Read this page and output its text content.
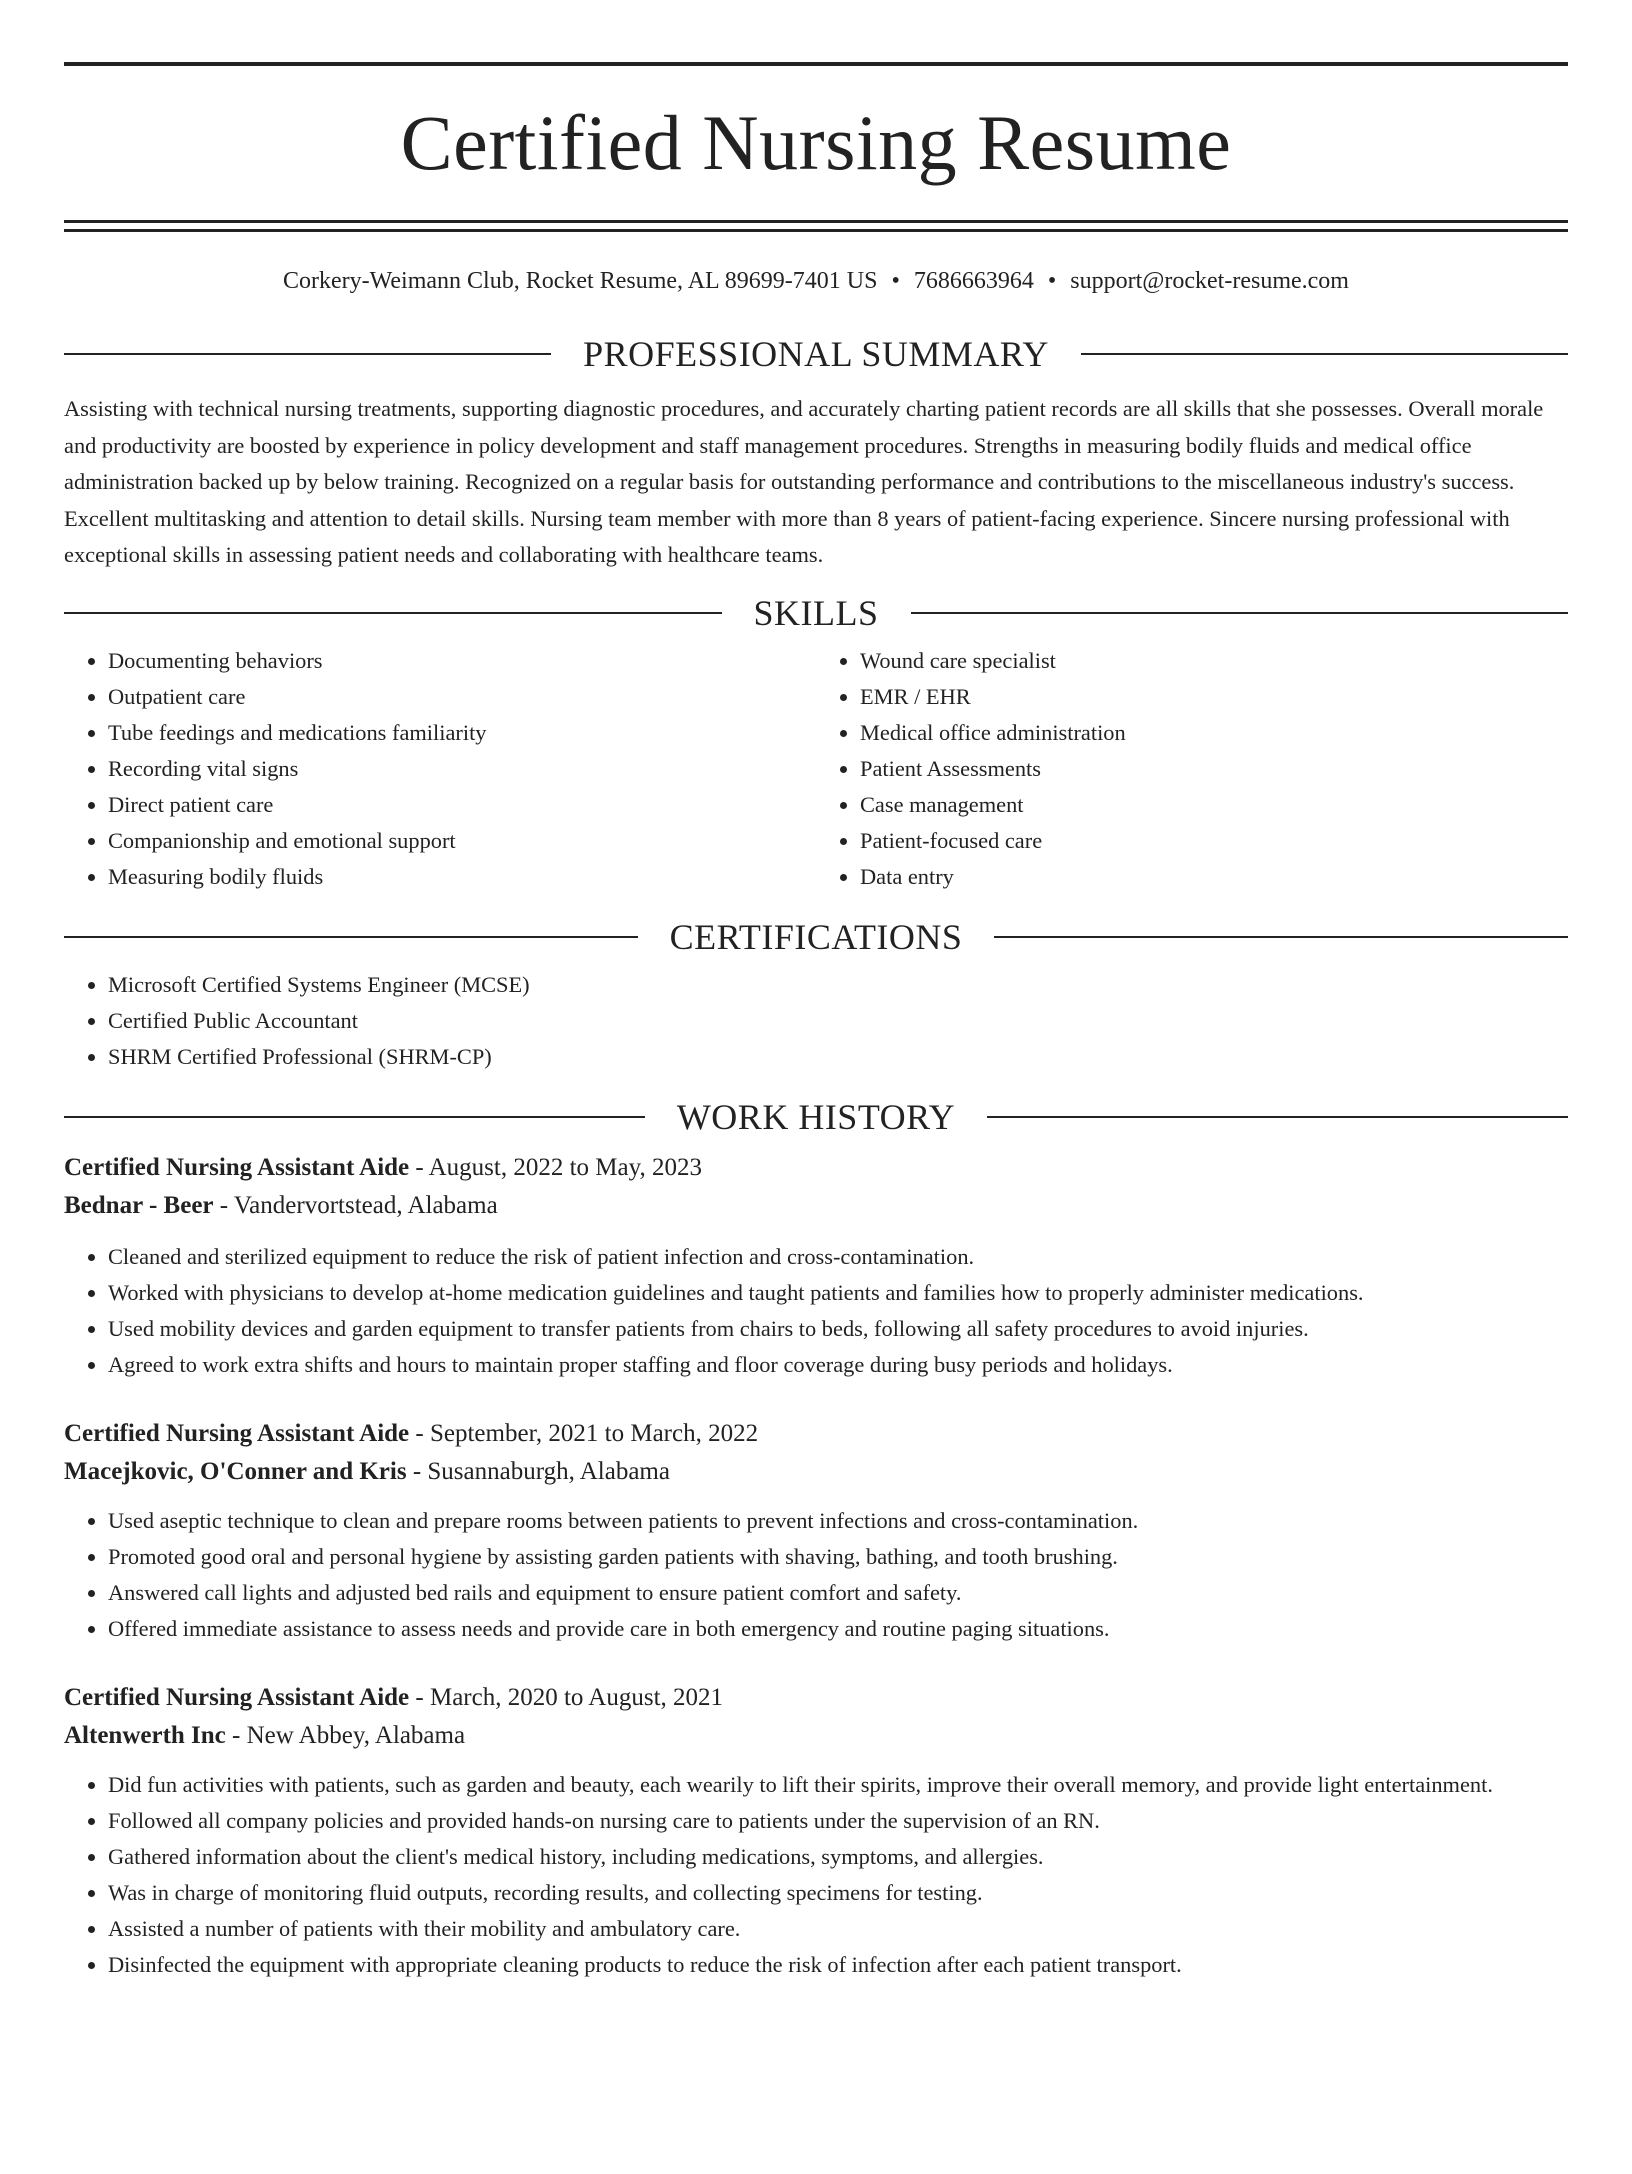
Certified Nursing Resume
Corkery-Weimann Club, Rocket Resume, AL 89699-7401 US • 7686663964 • support@rocket-resume.com
PROFESSIONAL SUMMARY

Assisting with technical nursing treatments, supporting diagnostic procedures, and accurately charting patient records are all skills that she possesses. Overall morale and productivity are boosted by experience in policy development and staff management procedures. Strengths in measuring bodily fluids and medical office administration backed up by below training. Recognized on a regular basis for outstanding performance and contributions to the miscellaneous industry's success. Excellent multitasking and attention to detail skills. Nursing team member with more than 8 years of patient-facing experience. Sincere nursing professional with exceptional skills in assessing patient needs and collaborating with healthcare teams.

SKILLS
• Documenting behaviors
• Outpatient care
• Tube feedings and medications familiarity
• Recording vital signs
• Direct patient care
• Companionship and emotional support
• Measuring bodily fluids
• Wound care specialist
• EMR / EHR
• Medical office administration
• Patient Assessments
• Case management
• Patient-focused care
• Data entry
CERTIFICATIONS
• Microsoft Certified Systems Engineer (MCSE)
• Certified Public Accountant
• SHRM Certified Professional (SHRM-CP)
WORK HISTORY
Certified Nursing Assistant Aide - August, 2022 to May, 2023
Bednar - Beer - Vandervortstead, Alabama
• Cleaned and sterilized equipment to reduce the risk of patient infection and cross-contamination.
• Worked with physicians to develop at-home medication guidelines and taught patients and families how to properly administer medications.
• Used mobility devices and garden equipment to transfer patients from chairs to beds, following all safety procedures to avoid injuries.
• Agreed to work extra shifts and hours to maintain proper staffing and floor coverage during busy periods and holidays.
Certified Nursing Assistant Aide - September, 2021 to March, 2022
Macejkovic, O'Conner and Kris - Susannaburgh, Alabama
• Used aseptic technique to clean and prepare rooms between patients to prevent infections and cross-contamination.
• Promoted good oral and personal hygiene by assisting garden patients with shaving, bathing, and tooth brushing.
• Answered call lights and adjusted bed rails and equipment to ensure patient comfort and safety.
• Offered immediate assistance to assess needs and provide care in both emergency and routine paging situations.
Certified Nursing Assistant Aide - March, 2020 to August, 2021
Altenwerth Inc - New Abbey, Alabama
• Did fun activities with patients, such as garden and beauty, each wearily to lift their spirits, improve their overall memory, and provide light entertainment.
• Followed all company policies and provided hands-on nursing care to patients under the supervision of an RN.
• Gathered information about the client's medical history, including medications, symptoms, and allergies.
• Was in charge of monitoring fluid outputs, recording results, and collecting specimens for testing.
• Assisted a number of patients with their mobility and ambulatory care.
• Disinfected the equipment with appropriate cleaning products to reduce the risk of infection after each patient transport.
